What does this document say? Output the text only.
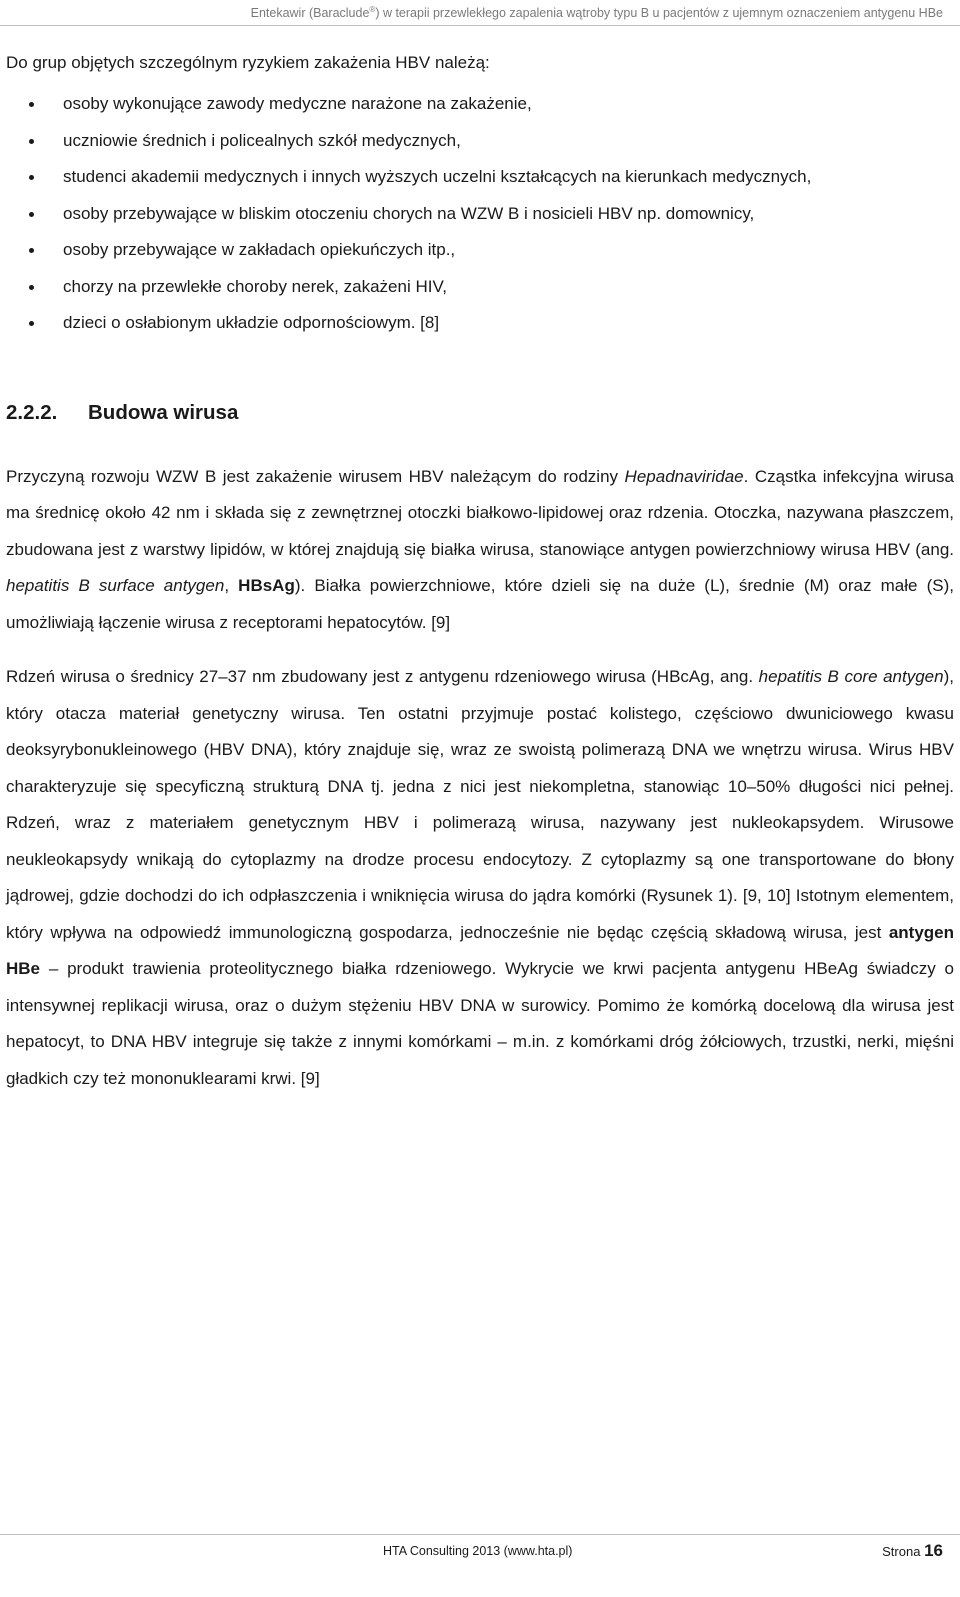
Entekawir (Baraclude®) w terapii przewlekłego zapalenia wątroby typu B u pacjentów z ujemnym oznaczeniem antygenu HBe

Do grup objętych szczególnym ryzykiem zakażenia HBV należą:

osoby wykonujące zawody medyczne narażone na zakażenie,
uczniowie średnich i policealnych szkół medycznych,
studenci akademii medycznych i innych wyższych uczelni kształcących na kierunkach medycznych,
osoby przebywające w bliskim otoczeniu chorych na WZW B i nosicieli HBV np. domownicy,
osoby przebywające w zakładach opiekuńczych itp.,
chorzy na przewlekłe choroby nerek, zakażeni HIV,
dzieci o osłabionym układzie odpornościowym. [8]
2.2.2. Budowa wirusa

Przyczyną rozwoju WZW B jest zakażenie wirusem HBV należącym do rodziny Hepadnaviridae. Cząstka infekcyjna wirusa ma średnicę około 42 nm i składa się z zewnętrznej otoczki białkowo-lipidowej oraz rdzenia. Otoczka, nazywana płaszczem, zbudowana jest z warstwy lipidów, w której znajdują się białka wirusa, stanowiące antygen powierzchniowy wirusa HBV (ang. hepatitis B surface antygen, HBsAg). Białka powierzchniowe, które dzieli się na duże (L), średnie (M) oraz małe (S), umożliwiają łączenie wirusa z receptorami hepatocytów. [9]

Rdzeń wirusa o średnicy 27–37 nm zbudowany jest z antygenu rdzeniowego wirusa (HBcAg, ang. hepatitis B core antygen), który otacza materiał genetyczny wirusa. Ten ostatni przyjmuje postać kolistego, częściowo dwuniciowego kwasu deoksyrybonukleinowego (HBV DNA), który znajduje się, wraz ze swoistą polimerazą DNA we wnętrzu wirusa. Wirus HBV charakteryzuje się specyficzną strukturą DNA tj. jedna z nici jest niekompletna, stanowiąc 10–50% długości nici pełnej. Rdzeń, wraz z materiałem genetycznym HBV i polimerazą wirusa, nazywany jest nukleokapsydem. Wirusowe neukleokapsydy wnikają do cytoplazmy na drodze procesu endocytozy. Z cytoplazmy są one transportowane do błony jądrowej, gdzie dochodzi do ich odpłaszczenia i wniknięcia wirusa do jądra komórki (Rysunek 1). [9, 10] Istotnym elementem, który wpływa na odpowiedź immunologiczną gospodarza, jednocześnie nie będąc częścią składową wirusa, jest antygen HBe – produkt trawienia proteolitycznego białka rdzeniowego. Wykrycie we krwi pacjenta antygenu HBeAg świadczy o intensywnej replikacji wirusa, oraz o dużym stężeniu HBV DNA w surowicy. Pomimo że komórką docelową dla wirusa jest hepatocyt, to DNA HBV integruje się także z innymi komórkami – m.in. z komórkami dróg żółciowych, trzustki, nerki, mięśni gładkich czy też mononuklearami krwi. [9]

HTA Consulting 2013 (www.hta.pl)	Strona 16
